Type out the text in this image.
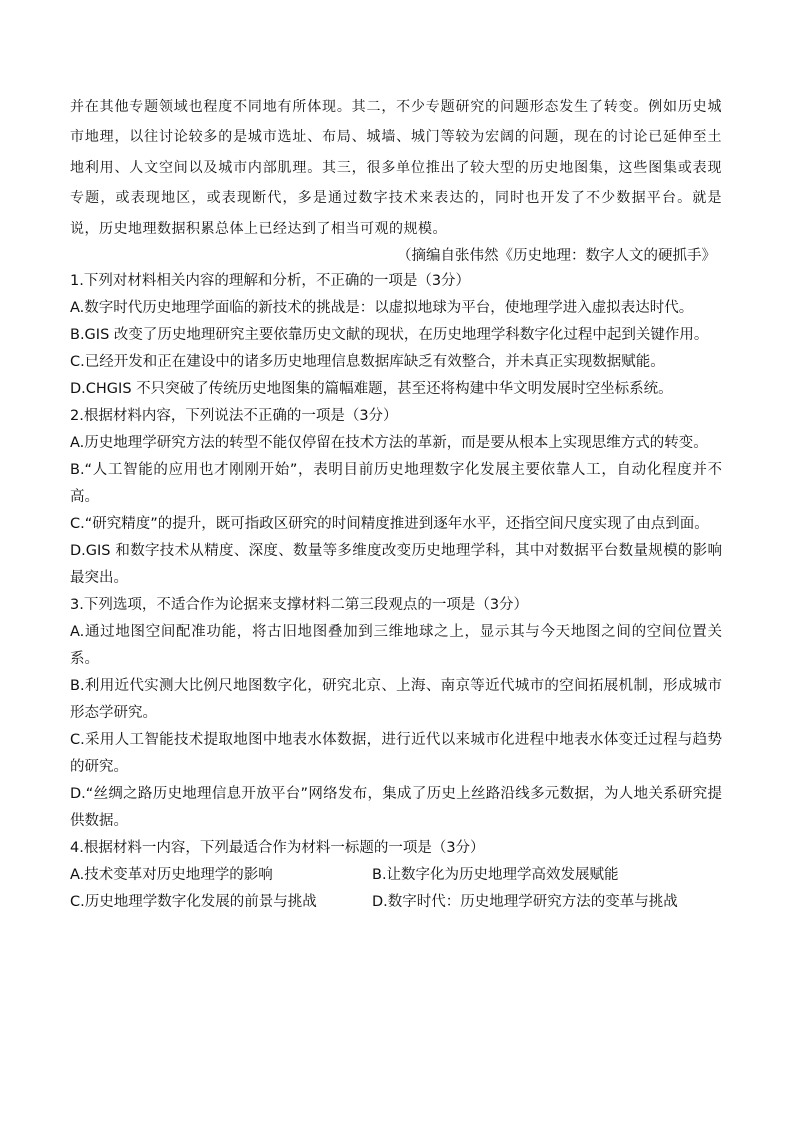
并在其他专题领域也程度不同地有所体现。其二，不少专题研究的问题形态发生了转变。例如历史城市地理，以往讨论较多的是城市选址、布局、城墙、城门等较为宏阔的问题，现在的讨论已延伸至土地利用、人文空间以及城市内部肌理。其三，很多单位推出了较大型的历史地图集，这些图集或表现专题，或表现地区，或表现断代，多是通过数字技术来表达的，同时也开发了不少数据平台。就是说，历史地理数据积累总体上已经达到了相当可观的规模。

（摘编自张伟然《历史地理：数字人文的硬抓手》

1.下列对材料相关内容的理解和分析，不正确的一项是（3分）

A.数字时代历史地理学面临的新技术的挑战是：以虚拟地球为平台，使地理学进入虚拟表达时代。

B.GIS 改变了历史地理研究主要依靠历史文献的现状，在历史地理学科数字化过程中起到关键作用。

C.已经开发和正在建设中的诸多历史地理信息数据库缺乏有效整合，并未真正实现数据赋能。

D.CHGIS 不只突破了传统历史地图集的篇幅难题，甚至还将构建中华文明发展时空坐标系统。

2.根据材料内容，下列说法不正确的一项是（3分）

A.历史地理学研究方法的转型不能仅停留在技术方法的革新，而是要从根本上实现思维方式的转变。

B.“人工智能的应用也才刚刚开始”，表明目前历史地理数字化发展主要依靠人工，自动化程度并不高。

C.“研究精度”的提升，既可指政区研究的时间精度推进到逐年水平，还指空间尺度实现了由点到面。

D.GIS 和数字技术从精度、深度、数量等多维度改变历史地理学科，其中对数据平台数量规模的影响最突出。

3.下列选项，不适合作为论据来支撑材料二第三段观点的一项是（3分）

A.通过地图空间配准功能，将古旧地图叠加到三维地球之上，显示其与今天地图之间的空间位置关系。

B.利用近代实测大比例尺地图数字化，研究北京、上海、南京等近代城市的空间拓展机制，形成城市形态学研究。

C.采用人工智能技术提取地图中地表水体数据，进行近代以来城市化进程中地表水体变迁过程与趋势的研究。

D.“丝绸之路历史地理信息开放平台”网络发布，集成了历史上丝路沿线多元数据，为人地关系研究提供数据。

4.根据材料一内容，下列最适合作为材料一标题的一项是（3分）

A.技术变革对历史地理学的影响	B.让数字化为历史地理学高效发展赋能
C.历史地理学数字化发展的前景与挑战	D.数字时代：历史地理学研究方法的变革与挑战
